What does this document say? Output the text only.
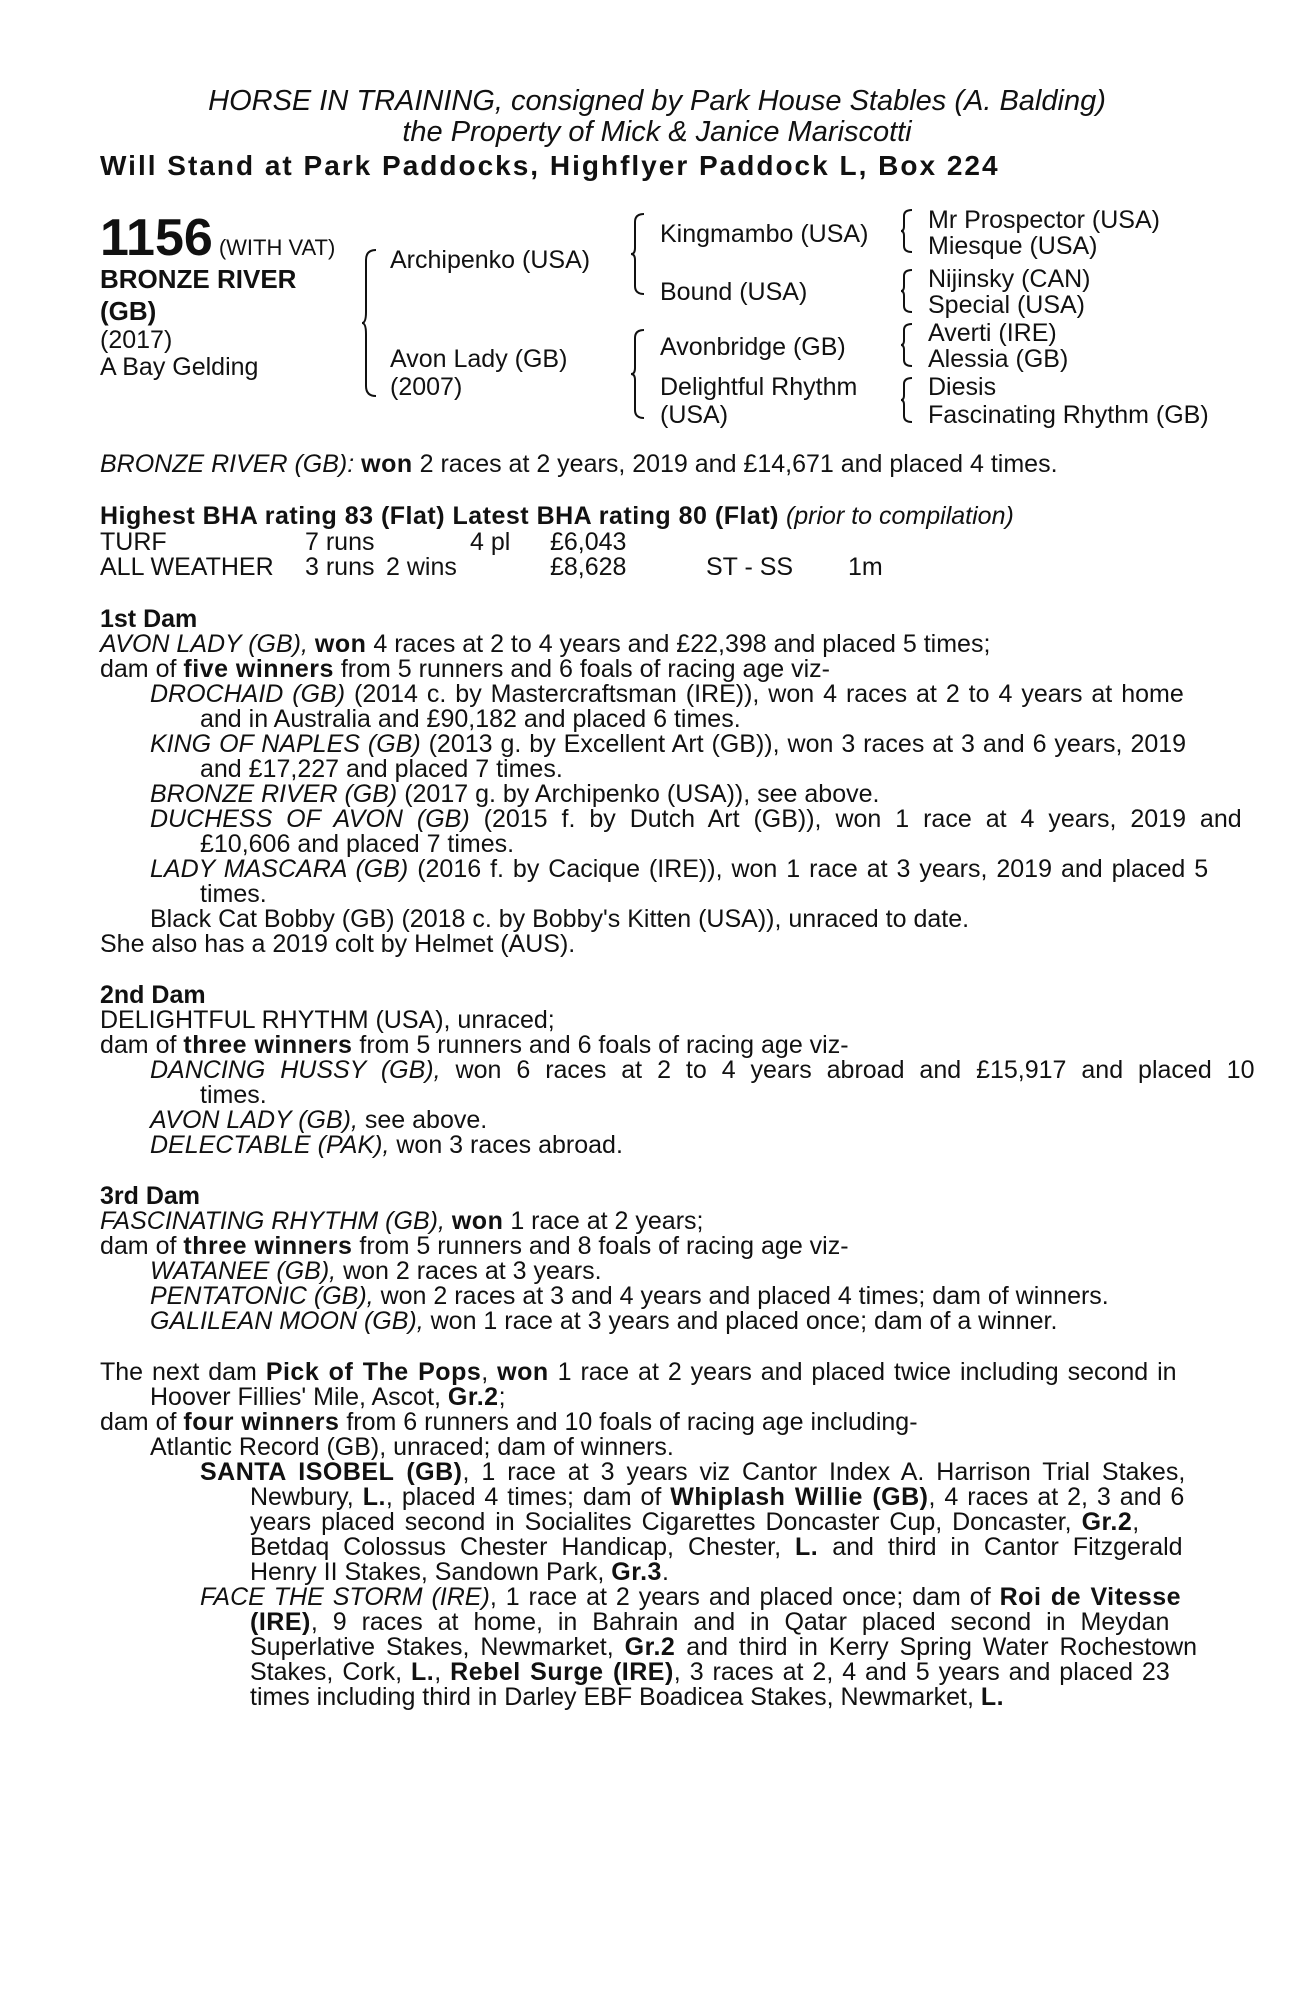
HORSE IN TRAINING, consigned by Park House Stables (A. Balding)
the Property of Mick & Janice Mariscotti
Will Stand at Park Paddocks, Highflyer Paddock L, Box 224
1156 (WITH VAT)
BRONZE RIVER
(GB)
(2017)
A Bay Gelding
Archipenko (USA)
Avon Lady (GB)
(2007)
Kingmambo (USA)
Bound (USA)
Avonbridge (GB)
Delightful Rhythm
(USA)
Mr Prospector (USA)
Miesque (USA)
Nijinsky (CAN)
Special (USA)
Averti (IRE)
Alessia (GB)
Diesis
Fascinating Rhythm (GB)
BRONZE RIVER (GB): won 2 races at 2 years, 2019 and £14,671 and placed 4 times.
Highest BHA rating 83 (Flat) Latest BHA rating 80 (Flat) (prior to compilation)
TURF	7 runs	4 pl £6,043
ALL WEATHER 3 runs 2 wins	£8,628	ST - SS 1m
1st Dam
AVON LADY (GB), won 4 races at 2 to 4 years and £22,398 and placed 5 times;
dam of five winners from 5 runners and 6 foals of racing age viz-
DROCHAID (GB) (2014 c. by Mastercraftsman (IRE)), won 4 races at 2 to 4 years at home
and in Australia and £90,182 and placed 6 times.
KING OF NAPLES (GB) (2013 g. by Excellent Art (GB)), won 3 races at 3 and 6 years, 2019
and £17,227 and placed 7 times.
BRONZE RIVER (GB) (2017 g. by Archipenko (USA)), see above.
DUCHESS OF AVON (GB) (2015 f. by Dutch Art (GB)), won 1 race at 4 years, 2019 and
£10,606 and placed 7 times.
LADY MASCARA (GB) (2016 f. by Cacique (IRE)), won 1 race at 3 years, 2019 and placed 5
times.
Black Cat Bobby (GB) (2018 c. by Bobby's Kitten (USA)), unraced to date.
She also has a 2019 colt by Helmet (AUS).
2nd Dam
DELIGHTFUL RHYTHM (USA), unraced;
dam of three winners from 5 runners and 6 foals of racing age viz-
DANCING HUSSY (GB), won 6 races at 2 to 4 years abroad and £15,917 and placed 10
times.
AVON LADY (GB), see above.
DELECTABLE (PAK), won 3 races abroad.
3rd Dam
FASCINATING RHYTHM (GB), won 1 race at 2 years;
dam of three winners from 5 runners and 8 foals of racing age viz-
WATANEE (GB), won 2 races at 3 years.
PENTATONIC (GB), won 2 races at 3 and 4 years and placed 4 times; dam of winners.
GALILEAN MOON (GB), won 1 race at 3 years and placed once; dam of a winner.
The next dam Pick of The Pops, won 1 race at 2 years and placed twice including second in
Hoover Fillies' Mile, Ascot, Gr.2;
dam of four winners from 6 runners and 10 foals of racing age including-
Atlantic Record (GB), unraced; dam of winners.
SANTA ISOBEL (GB), 1 race at 3 years viz Cantor Index A. Harrison Trial Stakes,
Newbury, L., placed 4 times; dam of Whiplash Willie (GB), 4 races at 2, 3 and 6
years placed second in Socialites Cigarettes Doncaster Cup, Doncaster, Gr.2,
Betdaq Colossus Chester Handicap, Chester, L. and third in Cantor Fitzgerald
Henry II Stakes, Sandown Park, Gr.3.
FACE THE STORM (IRE), 1 race at 2 years and placed once; dam of Roi de Vitesse
(IRE), 9 races at home, in Bahrain and in Qatar placed second in Meydan
Superlative Stakes, Newmarket, Gr.2 and third in Kerry Spring Water Rochestown
Stakes, Cork, L., Rebel Surge (IRE), 3 races at 2, 4 and 5 years and placed 23
times including third in Darley EBF Boadicea Stakes, Newmarket, L.
